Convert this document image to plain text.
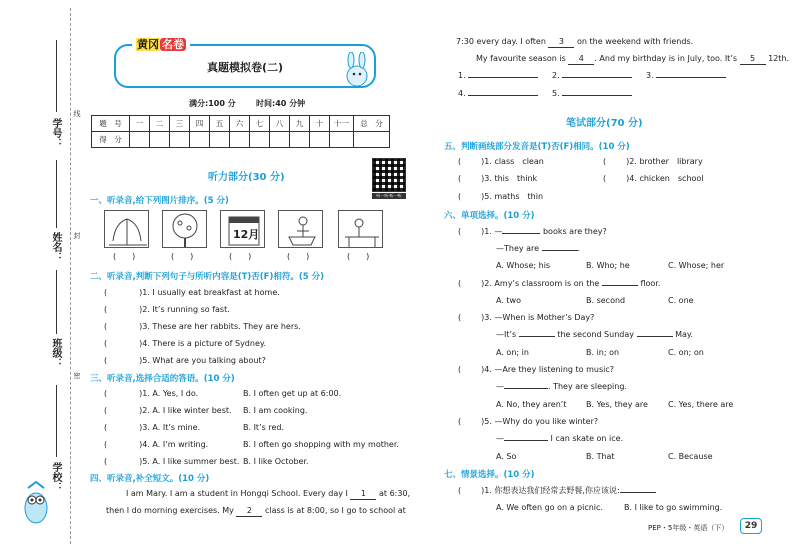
学号：
姓名：
班级：
学校：
线
封
密
黄冈 名卷
真题模拟卷(二)
满分:100 分	时间:40 分钟
题　号	一	二	三	四	五	六	七	八	九	十	十一	总　分
得　分												
听力部分(30 分)
听一听·听一听
一、听录音,给下列图片排序。(5 分)
12月
(　　)	(　　)	(　　)	(　　)	(　　)
二、听录音,判断下列句子与所听内容是(T)否(F)相符。(5 分)
(	)1. I usually eat breakfast at home.
(	)2. It’s running so fast.
(	)3. These are her rabbits. They are hers.
(	)4. There is a picture of Sydney.
(	)5. What are you talking about?
三、听录音,选择合适的答语。(10 分)
(	)1. A. Yes, I do.	B. I often get up at 6:00.
(	)2. A. I like winter best. B. I am cooking.
(	)3. A. It’s mine.	B. It’s red.
(	)4. A. I’m writing.	B. I often go shopping with my mother.
(	)5. A. I like summer best. B. I like October.
四、听录音,补全短文。(10 分)
I am Mary. I am a student in Hongqi School. Every day I 1 at 6:30,
then I do morning exercises. My 2 class is at 8:00, so I go to school at
7:30 every day. I often 3 on the weekend with friends.
My favourite season is 4 . And my birthday is in July, too. It’s 5 12th.
1.	2.	3.
4.	5.
笔试部分(70 分)
五、判断画线部分发音是(T)否(F)相同。(10 分)
(	)1. class　 clean	(	)2. brother　 library
(	)3. this　 think	(	)4. chicken　 school
(	)5. maths　 thin
六、单项选择。(10 分)
(	)1. —	books are they?
—They are	.
A. Whose; his	B. Who; he	C. Whose; her
(	)2. Amy’s classroom is on the	floor.
A. two	B. second	C. one
(	)3. —When is Mother’s Day?
—It’s	the second Sunday	May.
A. on; in	B. in; on	C. on; on
(	)4. —Are they listening to music?
—	. They are sleeping.
A. No, they aren’t B. Yes, they are	C. Yes, there are
(	)5. —Why do you like winter?
—	I can skate on ice.
A. So	B. That	C. Because
七、情景选择。(10 分)
(	)1. 你想表达我们经常去野餐,你应该说:
A. We often go on a picnic.	B. I like to go swimming.
PEP・5年级・英语（下）	29
